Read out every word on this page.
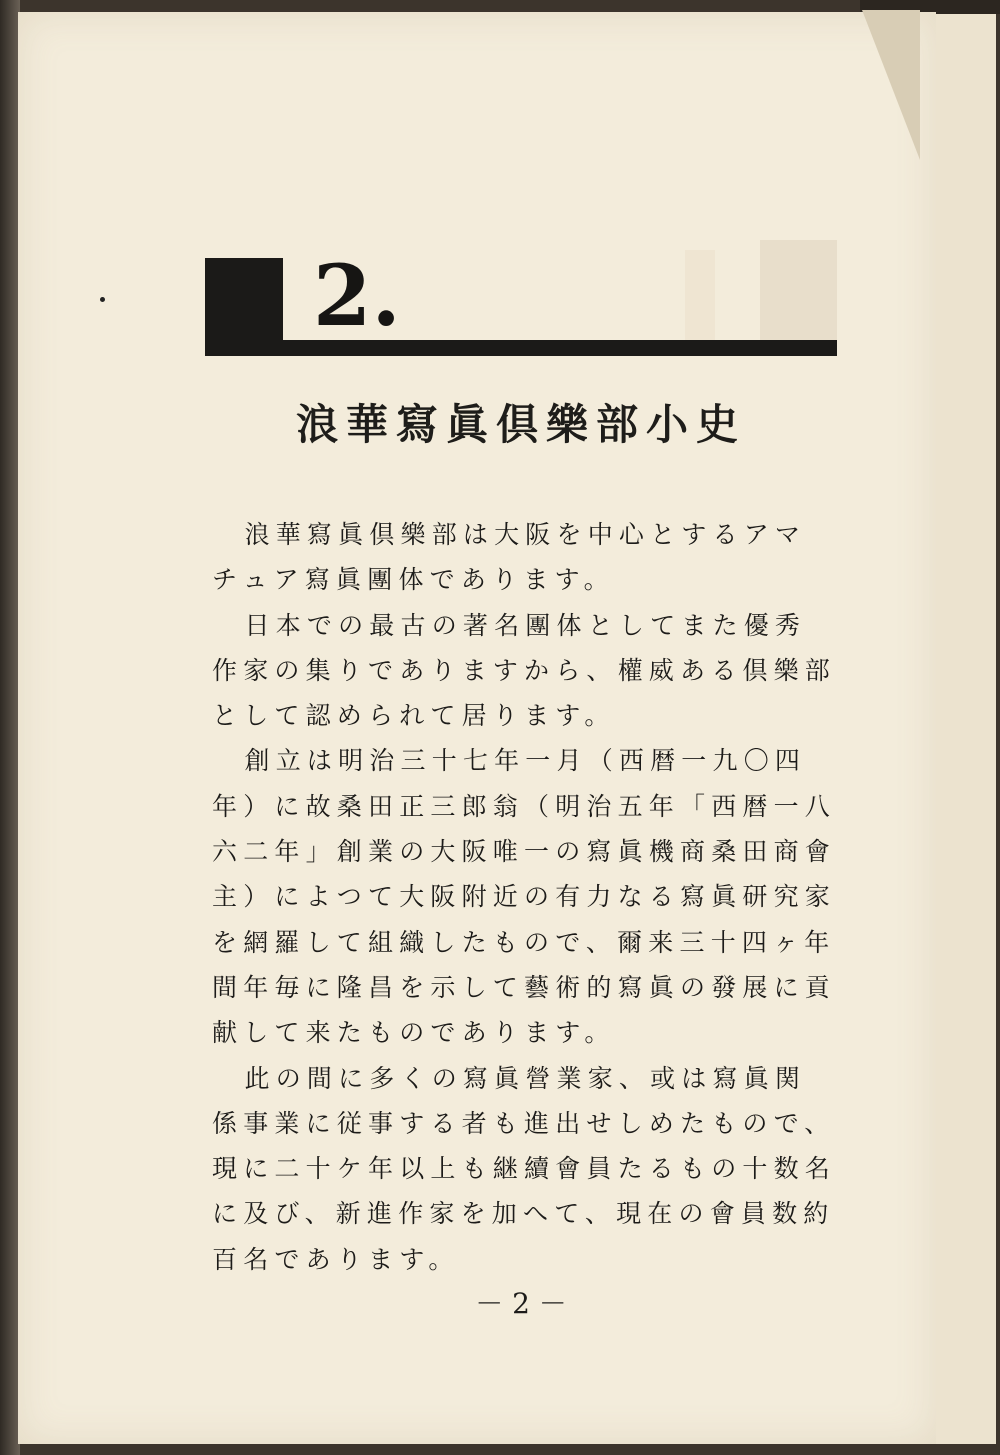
2.
浪華寫眞倶樂部小史

浪華寫眞倶樂部は大阪を中心とするアマチュア寫眞團体であります。

日本での最古の著名團体としてまた優秀作家の集りでありますから、權威ある倶樂部として認められて居ります。

創立は明治三十七年一月（西暦一九〇四年）に故桑田正三郎翁（明治五年「西暦一八六二年」創業の大阪唯一の寫眞機商桑田商會主）によつて大阪附近の有力なる寫眞研究家を網羅して組織したもので、爾来三十四ヶ年間年毎に隆昌を示して藝術的寫眞の發展に貢献して来たものであります。

此の間に多くの寫眞營業家、或は寫眞関係事業に従事する者も進出せしめたもので、現に二十ケ年以上も継續會員たるもの十数名に及び、新進作家を加へて、現在の會員数約百名であります。

－ 2 －
